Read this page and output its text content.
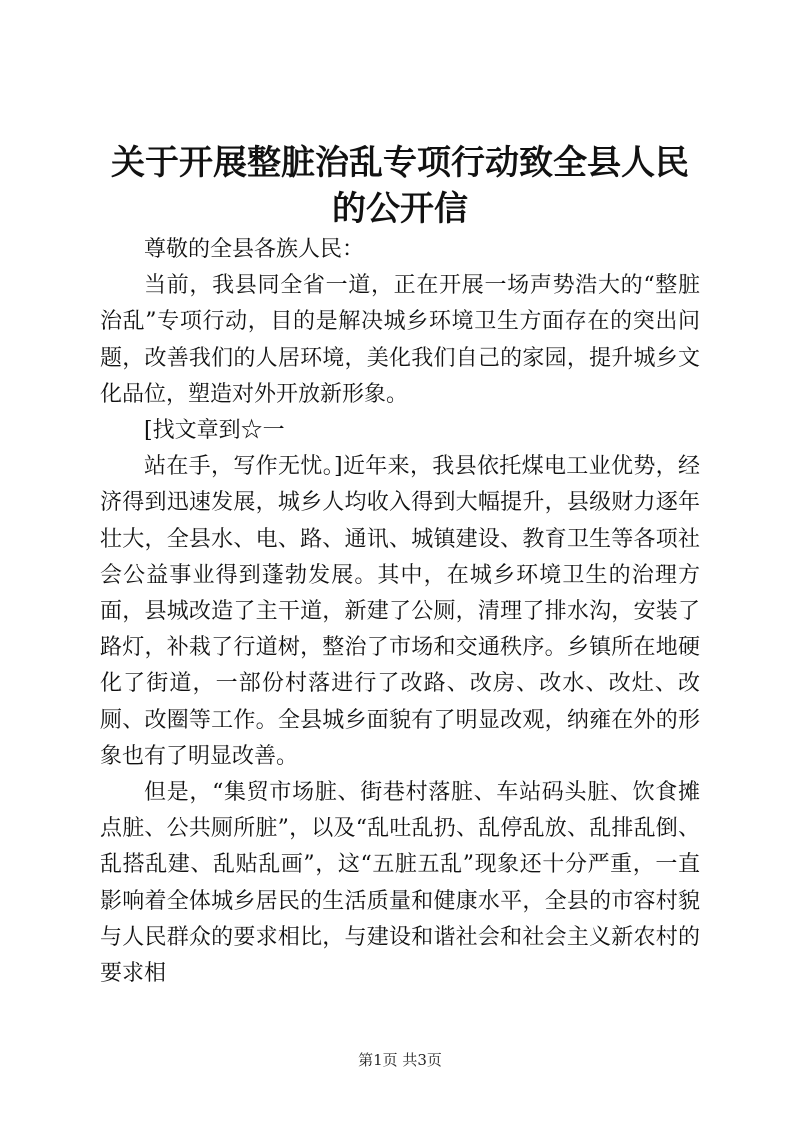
关于开展整脏治乱专项行动致全县人民的公开信

尊敬的全县各族人民：

当前，我县同全省一道，正在开展一场声势浩大的“整脏治乱”专项行动，目的是解决城乡环境卫生方面存在的突出问题，改善我们的人居环境，美化我们自己的家园，提升城乡文化品位，塑造对外开放新形象。

[找文章到☆一

站在手，写作无忧。]近年来，我县依托煤电工业优势，经济得到迅速发展，城乡人均收入得到大幅提升，县级财力逐年壮大，全县水、电、路、通讯、城镇建设、教育卫生等各项社会公益事业得到蓬勃发展。其中，在城乡环境卫生的治理方面，县城改造了主干道，新建了公厕，清理了排水沟，安装了路灯，补栽了行道树，整治了市场和交通秩序。乡镇所在地硬化了街道，一部份村落进行了改路、改房、改水、改灶、改厕、改圈等工作。全县城乡面貌有了明显改观，纳雍在外的形象也有了明显改善。

但是，“集贸市场脏、街巷村落脏、车站码头脏、饮食摊点脏、公共厕所脏”，以及“乱吐乱扔、乱停乱放、乱排乱倒、乱搭乱建、乱贴乱画”，这“五脏五乱”现象还十分严重，一直影响着全体城乡居民的生活质量和健康水平，全县的市容村貌与人民群众的要求相比，与建设和谐社会和社会主义新农村的要求相

第1页 共3页
